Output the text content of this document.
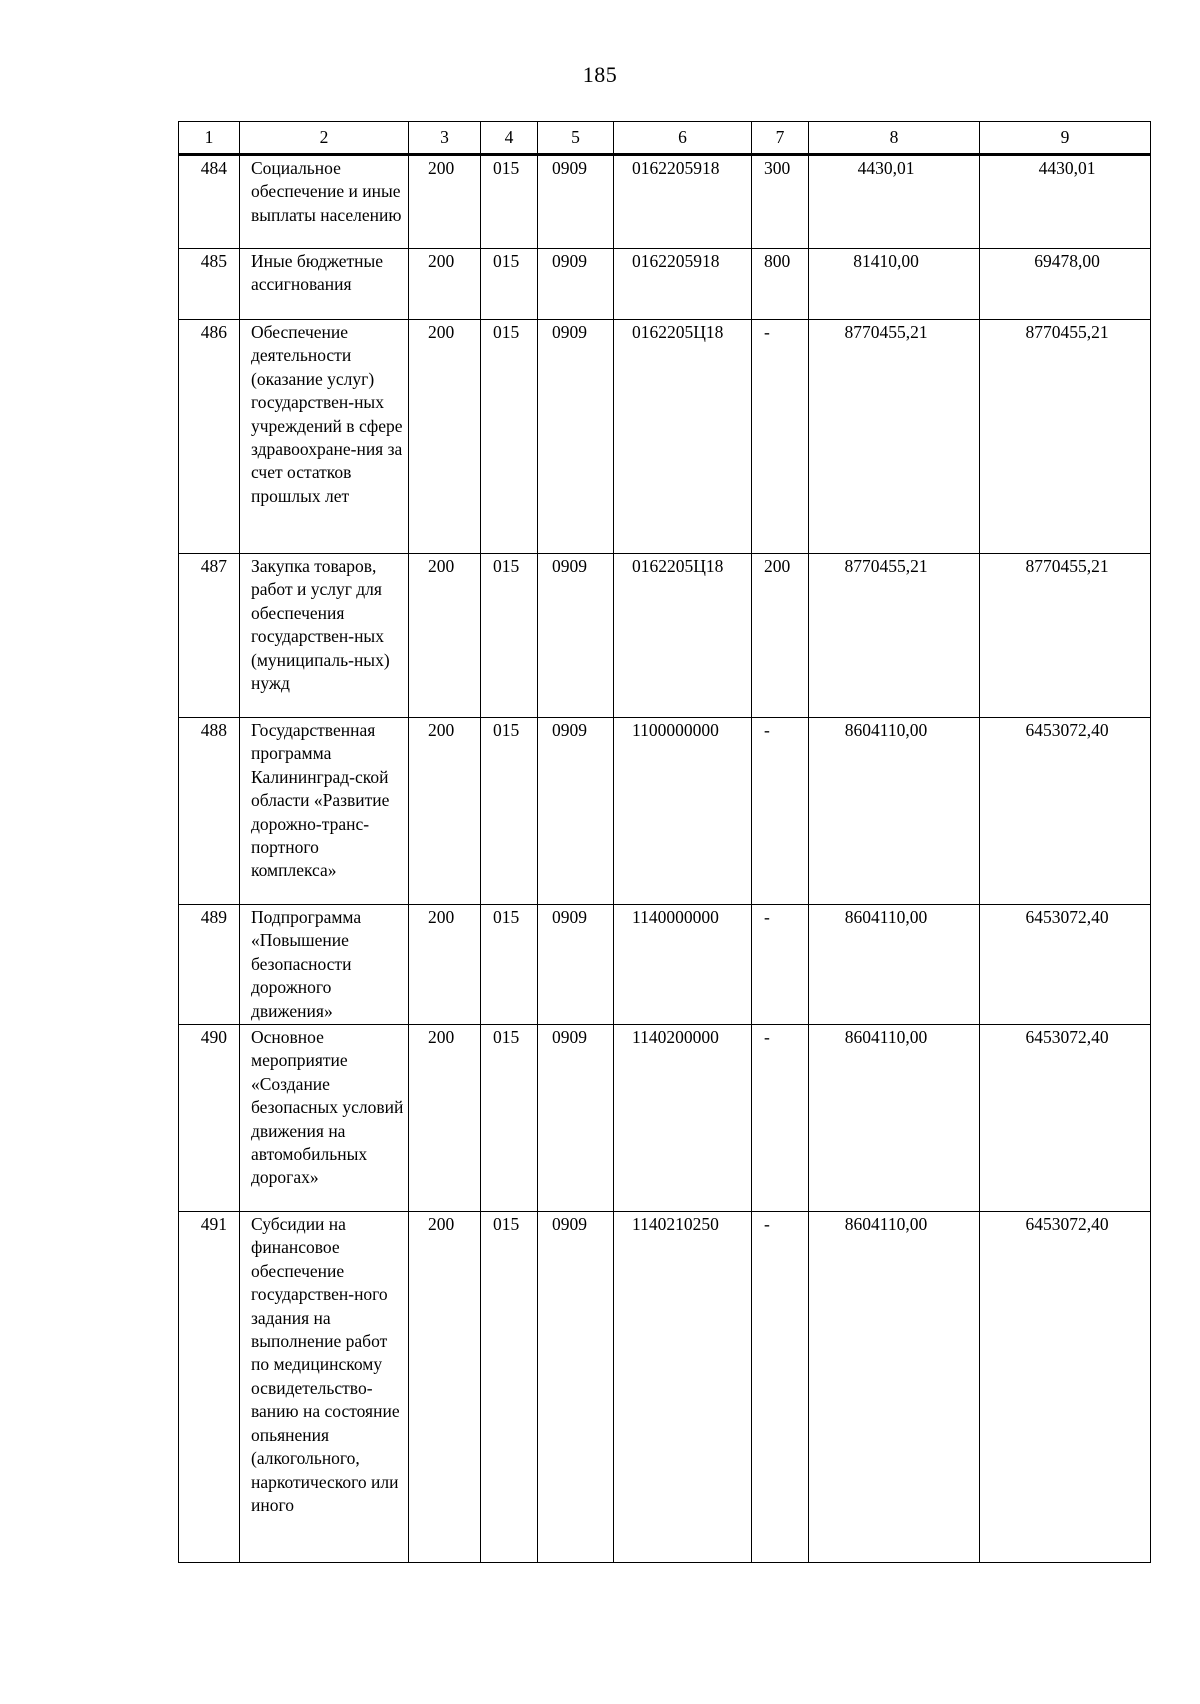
185
1	2	3	4	5	6	7	8	9
484	Социальное обеспечение и иные выплаты населению	200	015	0909	0162205918	300	4430,01	4430,01
485	Иные бюджетные ассигнования	200	015	0909	0162205918	800	81410,00	69478,00
486	Обеспечение деятельности (оказание услуг) государствен-ных учреждений в сфере здравоохране-ния за счет остатков прошлых лет	200	015	0909	0162205Ц18	-	8770455,21	8770455,21
487	Закупка товаров, работ и услуг для обеспечения государствен-ных (муниципаль-ных) нужд	200	015	0909	0162205Ц18	200	8770455,21	8770455,21
488	Государственная программа Калининград-ской области «Развитие дорожно-транс-портного комплекса»	200	015	0909	1100000000	-	8604110,00	6453072,40
489	Подпрограмма «Повышение безопасности дорожного движения»	200	015	0909	1140000000	-	8604110,00	6453072,40
490	Основное мероприятие «Создание безопасных условий движения на автомобильных дорогах»	200	015	0909	1140200000	-	8604110,00	6453072,40
491	Субсидии на финансовое обеспечение государствен-ного задания на выполнение работ по медицинскому освидетельство-ванию на состояние опьянения (алкогольного, наркотического или иного	200	015	0909	1140210250	-	8604110,00	6453072,40
